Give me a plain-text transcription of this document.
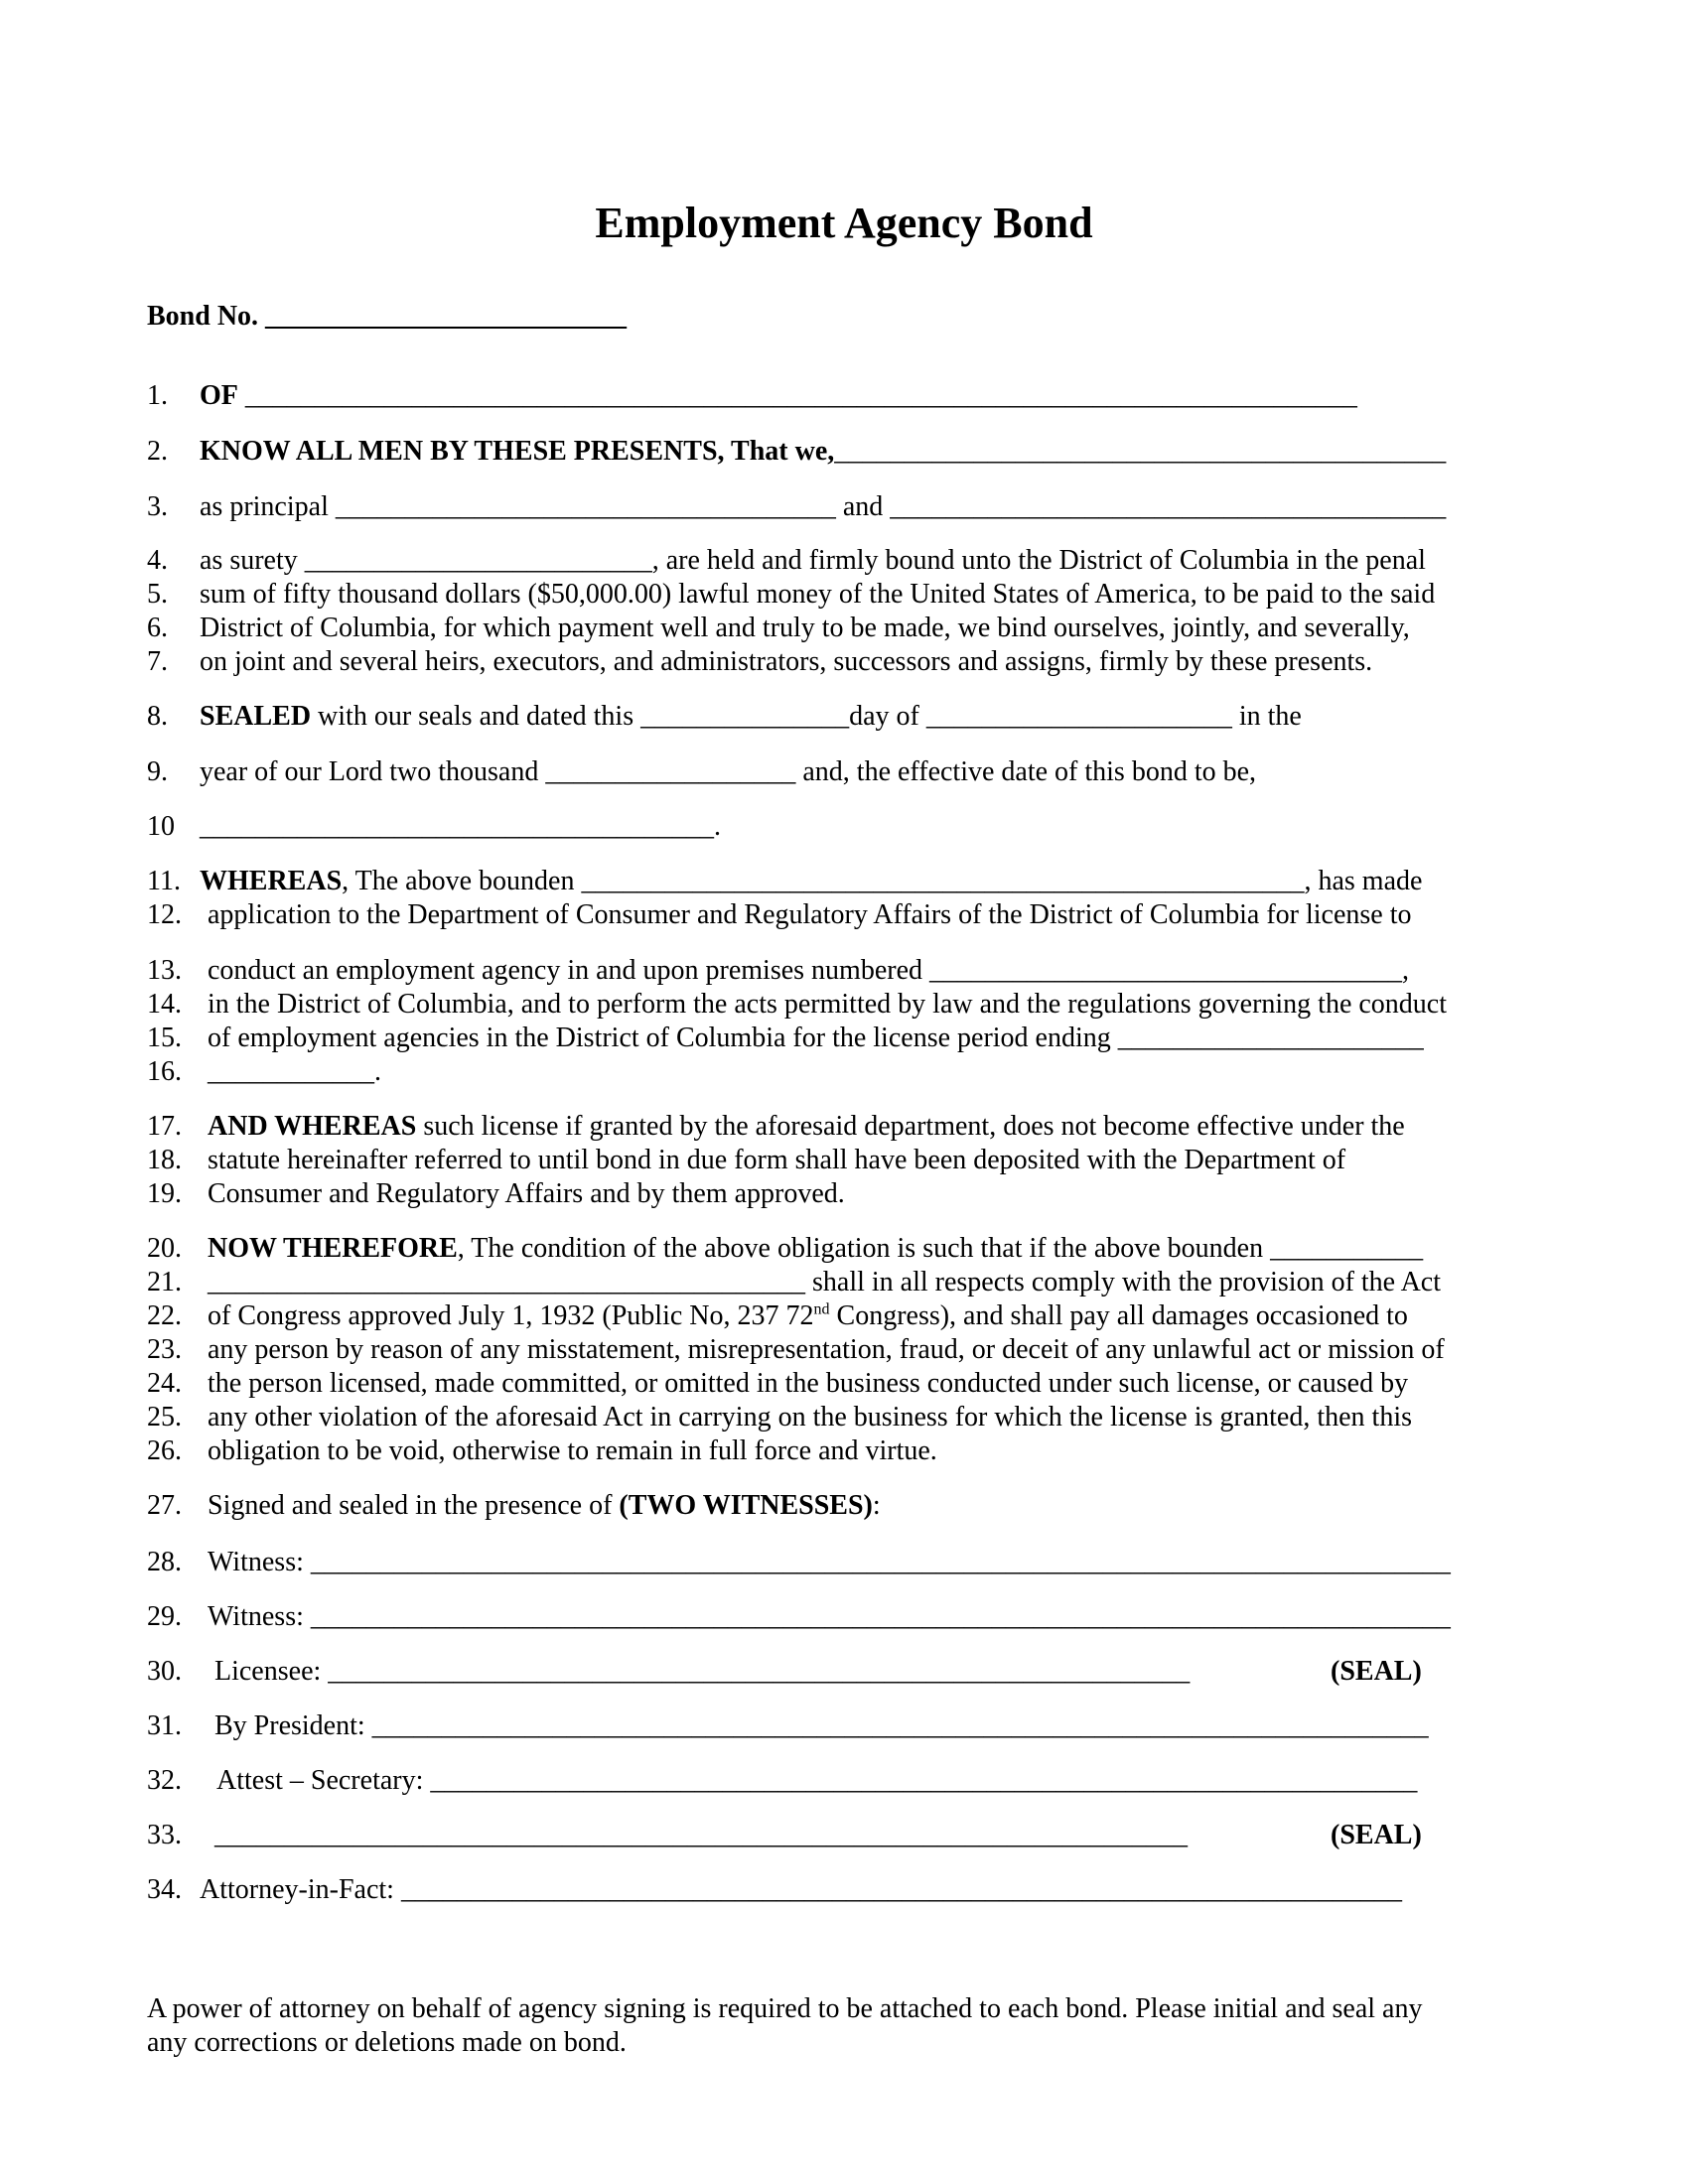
Employment Agency Bond
Bond No. __________________________
1. OF ________________________________________________________________________________
2. KNOW ALL MEN BY THESE PRESENTS, That we,____________________________________________
3. as principal ____________________________________ and ________________________________________
4. as surety _________________________, are held and firmly bound unto the District of Columbia in the penal
5. sum of fifty thousand dollars ($50,000.00) lawful money of the United States of America, to be paid to the said
6. District of Columbia, for which payment well and truly to be made, we bind ourselves, jointly, and severally,
7. on joint and several heirs, executors, and administrators, successors and assigns, firmly by these presents.
8. SEALED with our seals and dated this _______________day of ______________________ in the
9. year of our Lord two thousand __________________ and, the effective date of this bond to be,
10 _____________________________________.
11. WHEREAS, The above bounden ____________________________________________________, has made
12. application to the Department of Consumer and Regulatory Affairs of the District of Columbia for license to
13. conduct an employment agency in and upon premises numbered __________________________________,
14. in the District of Columbia, and to perform the acts permitted by law and the regulations governing the conduct
15. of employment agencies in the District of Columbia for the license period ending ______________________
16. ____________.
17. AND WHEREAS such license if granted by the aforesaid department, does not become effective under the
18. statute hereinafter referred to until bond in due form shall have been deposited with the Department of
19. Consumer and Regulatory Affairs and by them approved.
20. NOW THEREFORE, The condition of the above obligation is such that if the above bounden ___________
21. ___________________________________________ shall in all respects comply with the provision of the Act
22. of Congress approved July 1, 1932 (Public No, 237 72nd Congress), and shall pay all damages occasioned to
23. any person by reason of any misstatement, misrepresentation, fraud, or deceit of any unlawful act or mission of
24. the person licensed, made committed, or omitted in the business conducted under such license, or caused by
25. any other violation of the aforesaid Act in carrying on the business for which the license is granted, then this
26. obligation to be void, otherwise to remain in full force and virtue.
27. Signed and sealed in the presence of (TWO WITNESSES):
28. Witness: __________________________________________________________________________________
29. Witness: __________________________________________________________________________________
30. Licensee: ______________________________________________________________	(SEAL)
31. By President: ____________________________________________________________________________
32. Attest – Secretary: _______________________________________________________________________
33. ______________________________________________________________________	(SEAL)
34. Attorney-in-Fact: ________________________________________________________________________
A power of attorney on behalf of agency signing is required to be attached to each bond. Please initial and seal any
any corrections or deletions made on bond.
